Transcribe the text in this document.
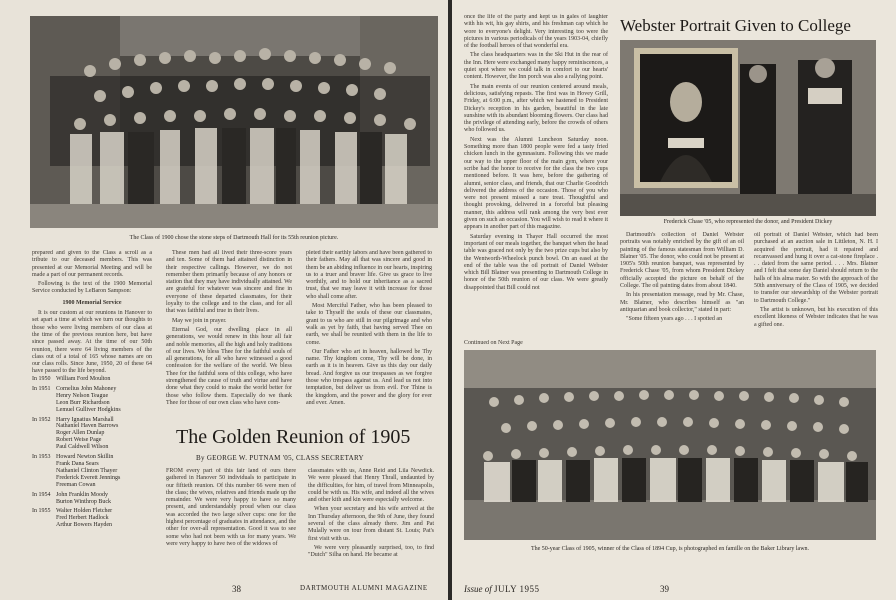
The Class of 1900 chose the stone steps of Dartmouth Hall for its 55th reunion picture.

prepared and given to the Class a scroll as a tribute to our deceased members. This was presented at our Memorial Meeting and will be made a part of our permanent records.

Following is the text of the 1900 Memorial Service conducted by LeBaron Sampson:

1900 Memorial Service

It is our custom at our reunions in Hanover to set apart a time at which we turn our thoughts to those who were living members of our class at the time of the previous reunion here, but have since passed away. At the time of our 50th reunion, there were 64 living members of the class out of a total of 165 whose names are on our class rolls. Since June, 1950, 20 of these 64 have passed to the life beyond.

In 1950 William Ford Moulton
In 1951 Cornelius John Mahoney
Henry Nelson Teague
Leon Burr Richardson
Lemuel Gulliver Hodgkins
In 1952 Harry Ignatius Marshall
Nathaniel Haven Barrows
Roger Allen Dunlap
Robert Weise Page
Paul Caldwell Wilson
In 1953 Howard Newton Skillin
Frank Dana Sears
Nathaniel Clinton Thayer
Frederick Everett Jennings
Freeman Cowan
In 1954 John Franklin Moody
Burton Winthrop Buck
In 1955 Walter Holden Fletcher
Fred Herbert Hadlock
Arthur Bowers Hayden

These men had all lived their three-score years and ten. Some of them had attained distinction in their respective callings. However, we do not remember them primarily because of any honors or station that they may have individually attained. We are grateful for whatever was sincere and fine in everyone of these departed classmates, for their loyalty to the college and to the class, and for all that was faithful and true in their lives.

May we join in prayer.

Eternal God, our dwelling place in all generations, we would renew in this hour all fair and noble memories, all the high and holy traditions of our lives. We bless Thee for the faithful souls of all generations, for all who have witnessed a good confession for the welfare of the world. We bless Thee for the faithful sons of this college, who have strengthened the cause of truth and virtue and have done what they could to make the world better for those who follow them. Especially do we thank Thee for those of our own class who have com-

pleted their earthly labors and have been gathered to their fathers. May all that was sincere and good in them be an abiding influence in our hearts, inspiring us to a truer and braver life. Give us grace to live worthily, and to hold our inheritance as a sacred trust, that we may leave it with increase for those who shall come after.

Most Merciful Father, who has been pleased to take to Thyself the souls of these our classmates, grant to us who are still in our pilgrimage and who walk as yet by faith, that having served Thee on earth, we shall be reunited with them in the life to come.

Our Father who art in heaven, hallowed be Thy name. Thy kingdom come, Thy will be done, in earth as it is in heaven. Give us this day our daily bread. And forgive us our trespasses as we forgive those who trespass against us. And lead us not into temptation, but deliver us from evil. For Thine is the kingdom, and the power and the glory for ever and ever. Amen.

The Golden Reunion of 1905
By GEORGE W. PUTNAM '05, CLASS SECRETARY

FROM every part of this fair land of ours there gathered in Hanover 50 individuals to participate in our fiftieth reunion. Of this number 66 were men of the class; the wives, relatives and friends made up the remainder. We were very happy to have so many present, and understandably proud when our class was accorded the two large silver cups: one for the highest percentage of graduates in attendance, and the other for over-all representation. Good it was to see some who had not been with us for many years. We were very happy to have two of the widows of

classmates with us, Anne Reid and Lila Newdick. We were pleased that Henry Thrall, undaunted by the difficulties, for him, of travel from Minneapolis, could be with us. His wife, and indeed all the wives and other kith and kin were especially welcome.

When your secretary and his wife arrived at the Inn Thursday afternoon, the 9th of June, they found several of the class already there. Jim and Pat Mulally were on tour from distant St. Louis; Pat's first visit with us.

We were very pleasantly surprised, too, to find "Dutch" Silha on hand. He became at

38	DARTMOUTH ALUMNI MAGAZINE

once the life of the party and kept us in gales of laughter with his wit, his gay shirts, and his freshman cap which he wore to everyone's delight. Very interesting too were the pictures in various periodicals of the years 1903-04, chiefly of the football heroes of that wonderful era.

The class headquarters was in the Ski Hut in the rear of the Inn. Here were exchanged many happy reminiscences, a quiet spot where we could talk in comfort to our hearts' content. However, the Inn porch was also a rallying point.

The main events of our reunion centered around meals, delicious, satisfying repasts. The first was in Hovey Grill, Friday, at 6:00 p.m., after which we hastened to President Dickey's reception in his garden, beautiful in the late sunshine with its abundant blooming flowers. Our class had the privilege of attending early, before the crowds of others who followed us.

Next was the Alumni Luncheon Saturday noon. Something more than 1800 people were fed a tasty fried chicken lunch in the gymnasium. Following this we made our way to the upper floor of the main gym, where your scribe had the honor to receive for the class the two cups mentioned before. It was here, before the gathering of alumni, senior class, and friends, that our Charlie Goodrich delivered the address of the occasion. Those of you who were not present missed a rare treat. Thoughtful and thought provoking, delivered in a forceful but pleasing manner, this address will rank among the very best ever given on such an occasion. You will wish to read it where it appears in another part of this magazine.

Saturday evening in Thayer Hall occurred the most important of our meals together, the banquet when the head table was graced not only by the two prize cups but also by the Wentworth-Wheelock punch bowl. On an easel at the end of the table was the oil portrait of Daniel Webster which Bill Blatner was presenting to Dartmouth College in honor of the 50th reunion of our class. We were greatly disappointed that Bill could not

Continued on Next Page
Webster Portrait Given to College
Frederick Chase '05, who represented the donor, and President Dickey

Dartmouth's collection of Daniel Webster portraits was notably enriched by the gift of an oil painting of the famous statesman from William D. Blatner '05. The donor, who could not be present at 1905's 50th reunion banquet, was represented by Frederick Chase '05, from whom President Dickey officially accepted the picture on behalf of the College. The oil painting dates from about 1840.

In his presentation message, read by Mr. Chase, Mr. Blatner, who describes himself as "an antiquarian and book collector," stated in part:

"Some fifteen years ago . . . I spotted an

oil portrait of Daniel Webster, which had been purchased at an auction sale in Littleton, N. H. I acquired the portrait, had it repaired and recanvassed and hung it over a cat-stone fireplace . . . dated from the same period. . . . Mrs. Blatner and I felt that some day Daniel should return to the halls of his alma mater. So with the approach of the 50th anniversary of the Class of 1905, we decided to transfer our stewardship of the Webster portrait to Dartmouth College."

The artist is unknown, but his execution of this excellent likeness of Webster indicates that he was a gifted one.

The 50-year Class of 1905, winner of the Class of 1894 Cup, is photographed en famille on the Baker Library lawn.
Issue of JULY 1955	39
